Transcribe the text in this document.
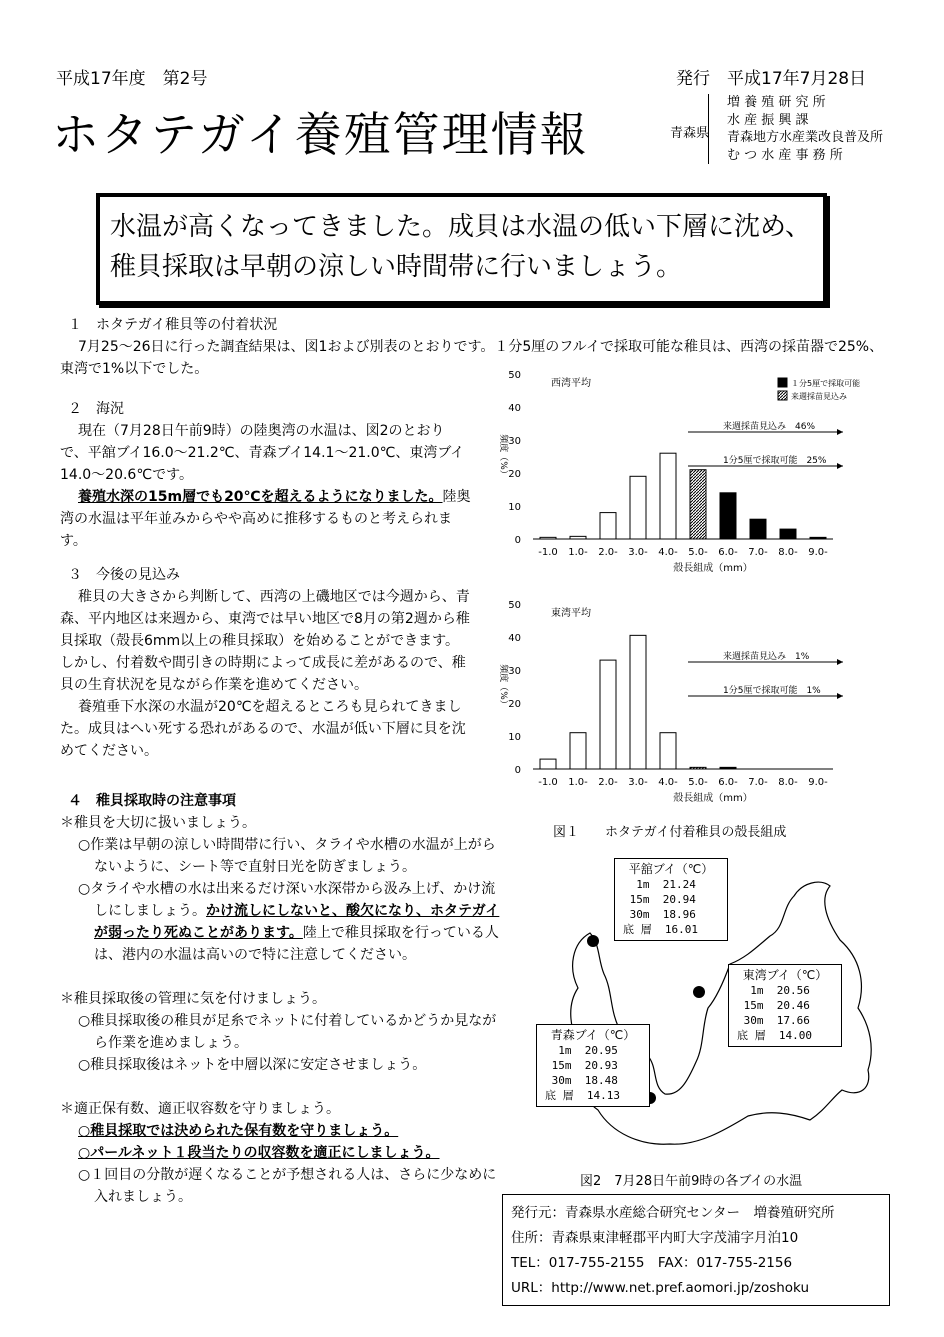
平成17年度　第2号	発行　平成17年7月28日
ホタテガイ養殖管理情報	青森県
増 養 殖 研 究 所
水 産 振 興 課
青森地方水産業改良普及所
む つ 水 産 事 務 所
水温が高くなってきました。成貝は水温の低い下層に沈め、稚貝採取は早朝の涼しい時間帯に行いましょう。

１　ホタテガイ稚貝等の付着状況

7月25～26日に行った調査結果は、図1および別表のとおりです。１分5厘のフルイで採取可能な稚貝は、西湾の採苗器で25%、東湾で1%以下でした。

２　海況

現在（7月28日午前9時）の陸奥湾の水温は、図2のとおりで、平舘ブイ16.0～21.2℃、青森ブイ14.1～21.0℃、東湾ブイ14.0～20.6℃です。

養殖水深の15m層でも20℃を超えるようになりました。陸奥湾の水温は平年並みからやや高めに推移するものと考えられます。

３　今後の見込み

稚貝の大きさから判断して、西湾の上磯地区では今週から、青森、平内地区は来週から、東湾では早い地区で8月の第2週から稚貝採取（殻長6mm以上の稚貝採取）を始めることができます。しかし、付着数や間引きの時期によって成長に差があるので、稚貝の生育状況を見ながら作業を進めてください。

養殖垂下水深の水温が20℃を超えるところも見られてきました。成貝はへい死する恐れがあるので、水温が低い下層に貝を沈めてください。

４　稚貝採取時の注意事項

＊稚貝を大切に扱いましょう。

○作業は早朝の涼しい時間帯に行い、タライや水槽の水温が上がらないように、シート等で直射日光を防ぎましょう。

○タライや水槽の水は出来るだけ深い水深帯から汲み上げ、かけ流しにしましょう。かけ流しにしないと、酸欠になり、ホタテガイが弱ったり死ぬことがあります。陸上で稚貝採取を行っている人は、港内の水温は高いので特に注意してください。

＊稚貝採取後の管理に気を付けましょう。

○稚貝採取後の稚貝が足糸でネットに付着しているかどうか見ながら作業を進めましょう。

○稚貝採取後はネットを中層以深に安定させましょう。

＊適正保有数、適正収容数を守りましょう。

○稚貝採取では決められた保有数を守りましょう。

○パールネット１段当たりの収容数を適正にしましょう。

○１回目の分散が遅くなることが予想される人は、さらに少なめに入れましょう。

0
10
20
30
40
50
-1.0 1.0- 2.0- 3.0- 4.0- 5.0- 6.0- 7.0- 8.0- 9.0-
西湾平均
殻長組成（mm）
頻度（%）
来週採苗見込み　46%
1分5厘で採取可能　25%
１分5厘で採取可能
来週採苗見込み
0
10
20
30
40
50
-1.0 1.0- 2.0- 3.0- 4.0- 5.0- 6.0- 7.0- 8.0- 9.0-
東湾平均
殻長組成（mm）
頻度（%）
来週採苗見込み　1%
1分5厘で採取可能　1%
図１　　ホタテガイ付着稚貝の殻長組成
平舘ブイ（℃）
1m  21.24
15m  20.94
30m  18.96
底 層  16.01
東湾ブイ（℃）
1m  20.56
15m  20.46
30m  17.66
底 層  14.00
青森ブイ（℃）
1m  20.95
15m  20.93
30m  18.48
底 層  14.13
図2　7月28日午前9時の各ブイの水温
発行元：青森県水産総合研究センター　増養殖研究所
住所：青森県東津軽郡平内町大字茂浦字月泊10
TEL：017-755-2155　FAX：017-755-2156
URL：http://www.net.pref.aomori.jp/zoshoku
